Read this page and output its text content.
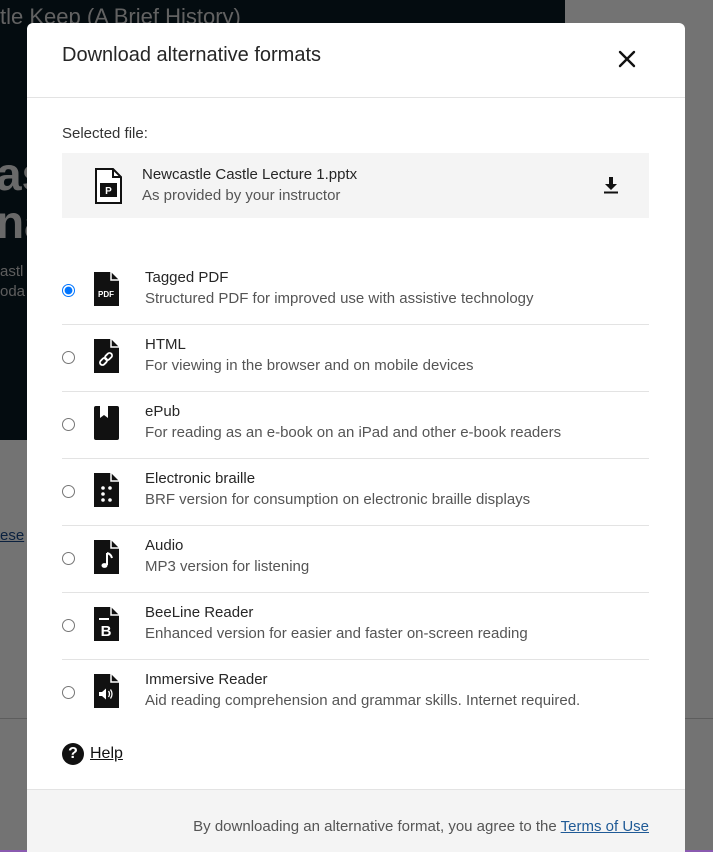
Download alternative formats
Selected file:
P
Newcastle Castle Lecture 1.pptx
As provided by your instructor
PDF
Tagged PDF
Structured PDF for improved use with assistive technology
HTML
For viewing in the browser and on mobile devices
ePub
For reading as an e-book on an iPad and other e-book readers
Electronic braille
BRF version for consumption on electronic braille displays
Audio
MP3 version for listening
B
BeeLine Reader
Enhanced version for easier and faster on-screen reading
Immersive Reader
Aid reading comprehension and grammar skills. Internet required.
? Help
By downloading an alternative format, you agree to the Terms of Use
